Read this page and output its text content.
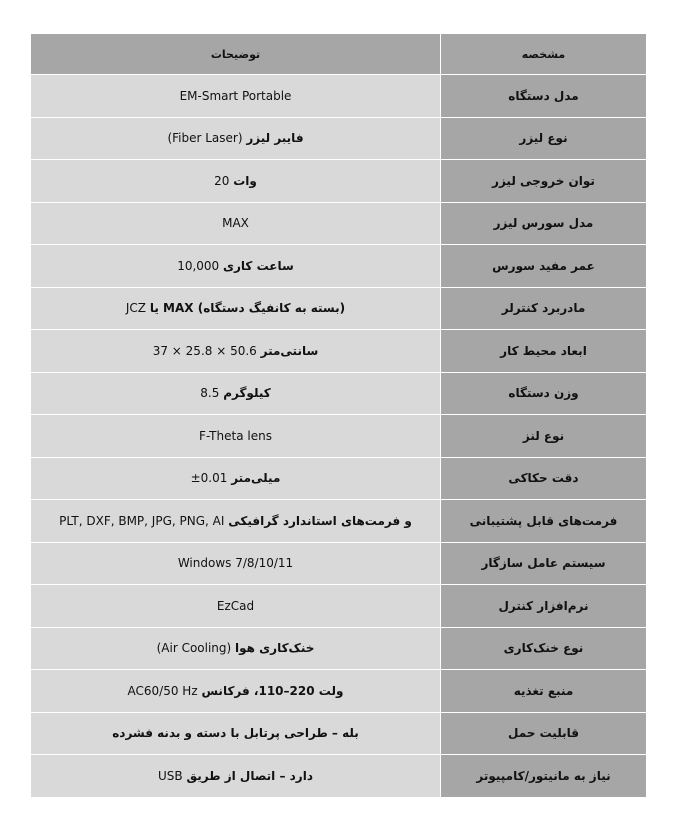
مشخصه	توضیحات
مدل دستگاه	EM-Smart Portable
نوع لیزر	فایبر لیزر (Fiber Laser)
توان خروجی لیزر	وات 20
مدل سورس لیزر	MAX
عمر مفید سورس	ساعت کاری 10,000
مادربرد کنترلر	(بسته به کانفیگ دستگاه) MAX یا JCZ
ابعاد محیط کار	سانتی‌متر 37 × 25.8 × 50.6
وزن دستگاه	کیلوگرم 8.5
نوع لنز	F-Theta lens
دقت حکاکی	میلی‌متر ±0.01
فرمت‌های قابل پشتیبانی	و فرمت‌های استاندارد گرافیکی PLT, DXF, BMP, JPG, PNG, AI
سیستم عامل سازگار	Windows 7/8/10/11
نرم‌افزار کنترل	EzCad
نوع خنک‌کاری	خنک‌کاری هوا (Air Cooling)
منبع تغذیه	ولت 220–110، فرکانس AC60/50 Hz
قابلیت حمل	بله – طراحی پرتابل با دسته و بدنه فشرده
نیاز به مانیتور/کامپیوتر	دارد – اتصال از طریق USB
